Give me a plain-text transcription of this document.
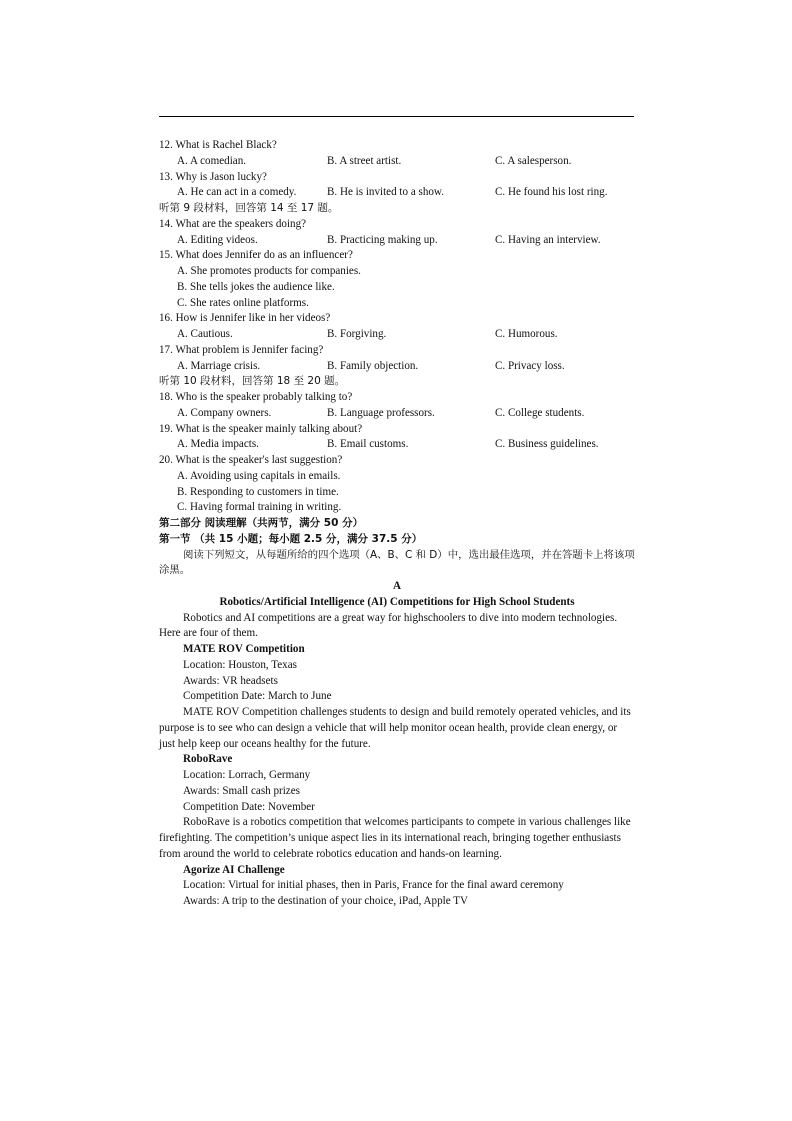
12. What is Rachel Black?
A. A comedian.	B. A street artist.	C. A salesperson.
13. Why is Jason lucky?
A. He can act in a comedy.	B. He is invited to a show.	C. He found his lost ring.
听第 9 段材料，回答第 14 至 17 题。
14. What are the speakers doing?
A. Editing videos.	B. Practicing making up.	C. Having an interview.
15. What does Jennifer do as an influencer?
A. She promotes products for companies.
B. She tells jokes the audience like.
C. She rates online platforms.
16. How is Jennifer like in her videos?
A. Cautious.	B. Forgiving.	C. Humorous.
17. What problem is Jennifer facing?
A. Marriage crisis.	B. Family objection.	C. Privacy loss.
听第 10 段材料，回答第 18 至 20 题。
18. Who is the speaker probably talking to?
A. Company owners.	B. Language professors.	C. College students.
19. What is the speaker mainly talking about?
A. Media impacts.	B. Email customs.	C. Business guidelines.
20. What is the speaker's last suggestion?
A. Avoiding using capitals in emails.
B. Responding to customers in time.
C. Having formal training in writing.
第二部分 阅读理解（共两节，满分 50 分）
第一节 （共 15 小题；每小题 2.5 分，满分 37.5 分）
阅读下列短文，从每题所给的四个选项（A、B、C 和 D）中，选出最佳选项，并在答题卡上将该项涂黑。
A
Robotics/Artificial Intelligence (AI) Competitions for High School Students
Robotics and AI competitions are a great way for highschoolers to dive into modern technologies. Here are four of them.
MATE ROV Competition
Location: Houston, Texas
Awards: VR headsets
Competition Date: March to June
MATE ROV Competition challenges students to design and build remotely operated vehicles, and its purpose is to see who can design a vehicle that will help monitor ocean health, provide clean energy, or just help keep our oceans healthy for the future.
RoboRave
Location: Lorrach, Germany
Awards: Small cash prizes
Competition Date: November
RoboRave is a robotics competition that welcomes participants to compete in various challenges like firefighting. The competition’s unique aspect lies in its international reach, bringing together enthusiasts from around the world to celebrate robotics education and hands-on learning.
Agorize AI Challenge
Location: Virtual for initial phases, then in Paris, France for the final award ceremony
Awards: A trip to the destination of your choice, iPad, Apple TV
